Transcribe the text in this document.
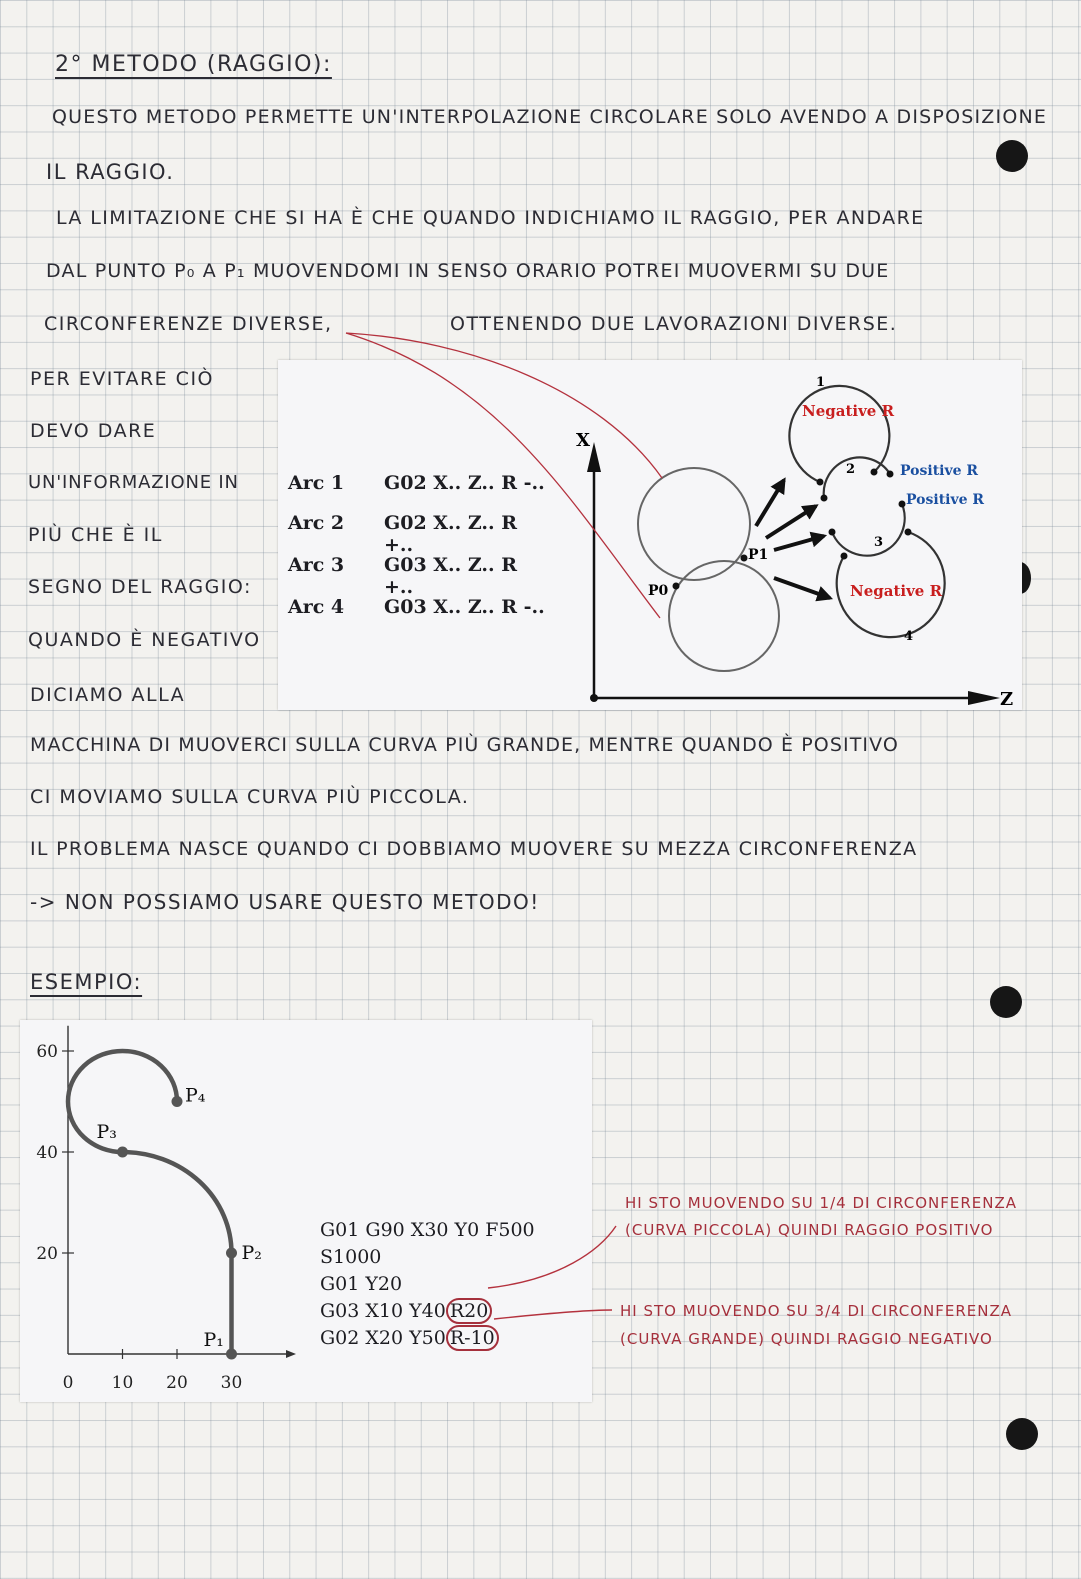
2° METODO (RAGGIO):

QUESTO METODO PERMETTE UN'INTERPOLAZIONE CIRCOLARE SOLO AVENDO A DISPOSIZIONE

IL RAGGIO.

LA LIMITAZIONE CHE SI HA È CHE QUANDO INDICHIAMO IL RAGGIO, PER ANDARE

DAL PUNTO P₀ A P₁ MUOVENDOMI IN SENSO ORARIO POTREI MUOVERMI SU DUE

CIRCONFERENZE DIVERSE,	OTTENENDO DUE LAVORAZIONI DIVERSE.

PER EVITARE CIÒ

DEVO DARE

UN'INFORMAZIONE IN

PIÙ CHE È IL

SEGNO DEL RAGGIO:

QUANDO È NEGATIVO

DICIAMO ALLA

MACCHINA DI MUOVERCI SULLA CURVA PIÙ GRANDE, MENTRE QUANDO È POSITIVO

CI MOVIAMO SULLA CURVA PIÙ PICCOLA.

IL PROBLEMA NASCE QUANDO CI DOBBIAMO MUOVERE SU MEZZA CIRCONFERENZA

-> NON POSSIAMO USARE QUESTO METODO!

ESEMPIO:

Arc 1 G02 X.. Z.. R -..
Arc 2 G02 X.. Z.. R +..
Arc 3 G03 X.. Z.. R +..
Arc 4 G03 X.. Z.. R -..
X
Z
P0
P1
1
Negative R
2	Positive R
3
Positive R
4
Negative R
0 10 20 30
20
40
60
P₁
P₂
P₃
P₄
G01 G90 X30 Y0 F500 S1000
G01 Y20
G03 X10 Y40 R20
G02 X20 Y50 R-10

HI STO MUOVENDO SU 1/4 DI CIRCONFERENZA

(CURVA PICCOLA) QUINDI RAGGIO POSITIVO

HI STO MUOVENDO SU 3/4 DI CIRCONFERENZA

(CURVA GRANDE) QUINDI RAGGIO NEGATIVO
